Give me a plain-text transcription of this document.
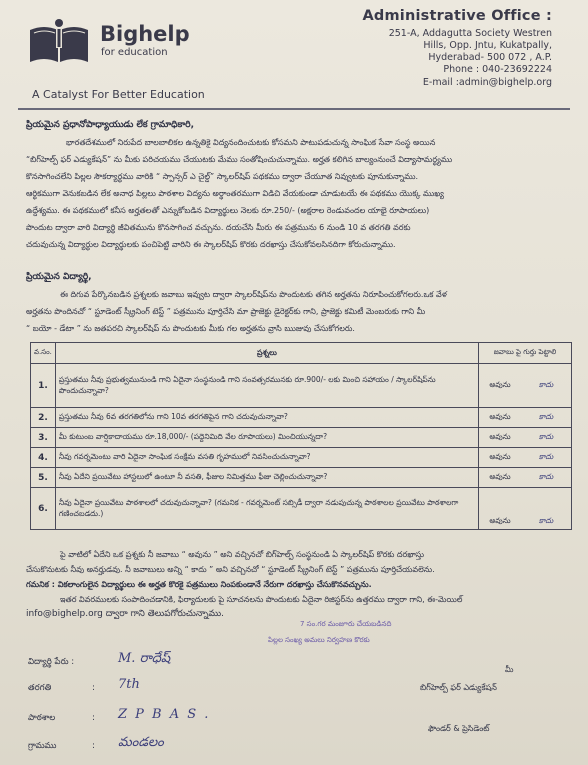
Bighelp
for education
A Catalyst For Better Education
Administrative Office :
251-A, Addagutta Society Westren
Hills, Opp. Jntu, Kukatpally,
Hyderabad- 500 072 , A.P.
Phone : 040-23692224
E-mail :admin@bighelp.org
ప్రియమైన ప్రధానోపాధ్యాయుడు లేక గ్రామాధికారి,

భారతదేశములో నిరుపేద బాలబాలికల ఉన్నతికై విద్యనందించుటకు కోసమని పాటుపడుచున్న సాంఘిక సేవా సంస్థ అయిన

“బిగ్‌హెల్ప్ ఫర్ ఎడ్యుకేషన్” ను మీకు పరిచయము చేయుటకు మేము సంతోషించుచున్నాము. అర్హత కలిగిన బాల్యంనుంచే విద్యాసామర్థ్యము

కొనసాగించలేని పిల్లల సౌకర్యార్థము వారికి “ స్పాన్సర్ ఎ చైల్డ్” స్కాలర్‌షిప్ పథకము ద్వారా చేయూత నివ్వుటకు పూనుకున్నాము.

ఆర్థికముగా వెనుకబడిన లేక అనాధ పిల్లలు పాఠశాల విద్యను అర్థాంతరముగా విడిచి వేయకుండా చూడుటయే ఈ పథకము యొక్క ముఖ్య

ఉద్దేశ్యము. ఈ పథకములో కనీస అర్హతలతో ఎన్నుకోబడిన విద్యార్థులు నెలకు రూ.250/- (అక్షరాల రెండువందల యాభై రూపాయలు)

పొందుట ద్వారా వారి విద్యార్థి జీవితమును కొనసాగించ వచ్చును. దయచేసి మీరు ఈ పత్రమును 6 నుండి 10 వ తరగతి వరకు

చదువుచున్న విద్యార్థుల విద్యార్థులకు పంచిపెట్టి వారిని ఈ స్కాలర్‌షిప్ కొరకు దరఖాస్తు చేసుకోవలసినదిగా కోరుచున్నాము.

ప్రియమైన విద్యార్థి,

ఈ దిగువ పేర్కొనబడిన ప్రశ్నలకు జవాబు ఇవ్వుట ద్వారా స్కాలర్‌షిప్‌ను పొందుటకు తగిన అర్హతను నిరూపించుకోగలరు.ఒక వేళ

అర్హతను పొందినచో “ స్టూడెంట్ స్క్రీనింగ్ టెస్ట్ ” పత్రమును పూర్తిచేసి మా ప్రాజెక్టు డైరెక్టర్‌కు గాని, ప్రాజెక్టు కమిటీ మెంబరుకు గాని మీ

“ బయో - డేటా ” ను జతపరచి స్కాలర్‌షిప్ ను పొందుటకు మీకు గల అర్హతను వ్రాసి ఋజువు చేసుకోగలరు.

వ.సం.	ప్రశ్నలు	జవాబు పై గుర్తు పెట్టాలి	
1.	ప్రస్తుతము నీవు ప్రభుత్వమునుండి గాని ఏదైనా సంస్థనుండి గాని సంవత్సరమునకు రూ.900/- లకు మించి సహాయం / స్కాలర్‌షిప్‌ను పొందుచున్నావా?	అవును	కాదు
2.	ప్రస్తుతము నీవు 6వ తరగతిలోను గాని 10వ తరగతిపైన గాని చదువుచున్నావా?	అవును	కాదు
3.	మీ కుటుంబ వార్షికాదాయము రూ.18,000/- (పద్దెనిమిది వేల రూపాయలు) మించియున్నదా?	అవును	కాదు
4.	నీవు గవర్నమెంటు వారి ఏదైనా సాంఘిక సంక్షేమ వసతి గృహములో నివసించుచున్నావా?	అవును	కాదు
5.	నీవు ఏదేని ప్రయివేటు హాస్టలులో ఉంటూ నీ వసతి, ఫీజుల నిమిత్తము ఫీజు చెల్లించుచున్నావా?	అవును	కాదు
6.	నీవు ఏదైనా ప్రయివేటు పాఠశాలలో చదువుచున్నావా? (గమనిక - గవర్నమెంట్ సబ్సిడీ ద్వారా నడుపుచున్న పాఠశాలల ప్రయివేటు పాఠశాలగా గణించబడదు.)	అవును	కాదు
పై వాటిలో ఏదేని ఒక ప్రశ్నకు నీ జవాబు “ అవును ” అని వచ్చినచో బిగ్‌హెల్ప్ సంస్థనుండి ఏ స్కాలర్‌షిప్ కొరకు దరఖాస్తు
చేసుకొనుటకు నీవు అనర్హుడవు. నీ జవాబులు అన్ని “ కాదు ” అని వచ్చినచో “ స్టూడెంట్ స్క్రీనింగ్ టెస్ట్ ” పత్రమును పూర్తిచేయవలెను.
గమనిక : వికలాంగులైన విద్యార్థులు ఈ అర్హత కొరకై పత్రములు నింపకుండానే నేరుగా దరఖాస్తు చేసుకొనవచ్చును.
ఇతర వివరములకు సంపాదించడానికి, ఫిర్యాదులకు పై సూచనలను పొందుటకు ఏదైనా రిజిస్టర్‌ను ఉత్తరము ద్వారా గాని, ఈ-మెయిల్
info@bighelp.org ద్వారా గాని తెలుపగోరుచున్నాము.
7 సం.గర మంజూరు చేయబడినది
పిల్లల సంఖ్య అమలు నిర్వహణ కొరకు
విద్యార్థి పేరు :	M. రాధేష్
తరగతి	: 7th
పాఠశాల	: Z P B A S .
గ్రామము	: మండలం
మీ
బిగ్‌హెల్ప్ ఫర్ ఎడ్యుకేషన్
ఫౌండర్ & ప్రెసిడెంట్
